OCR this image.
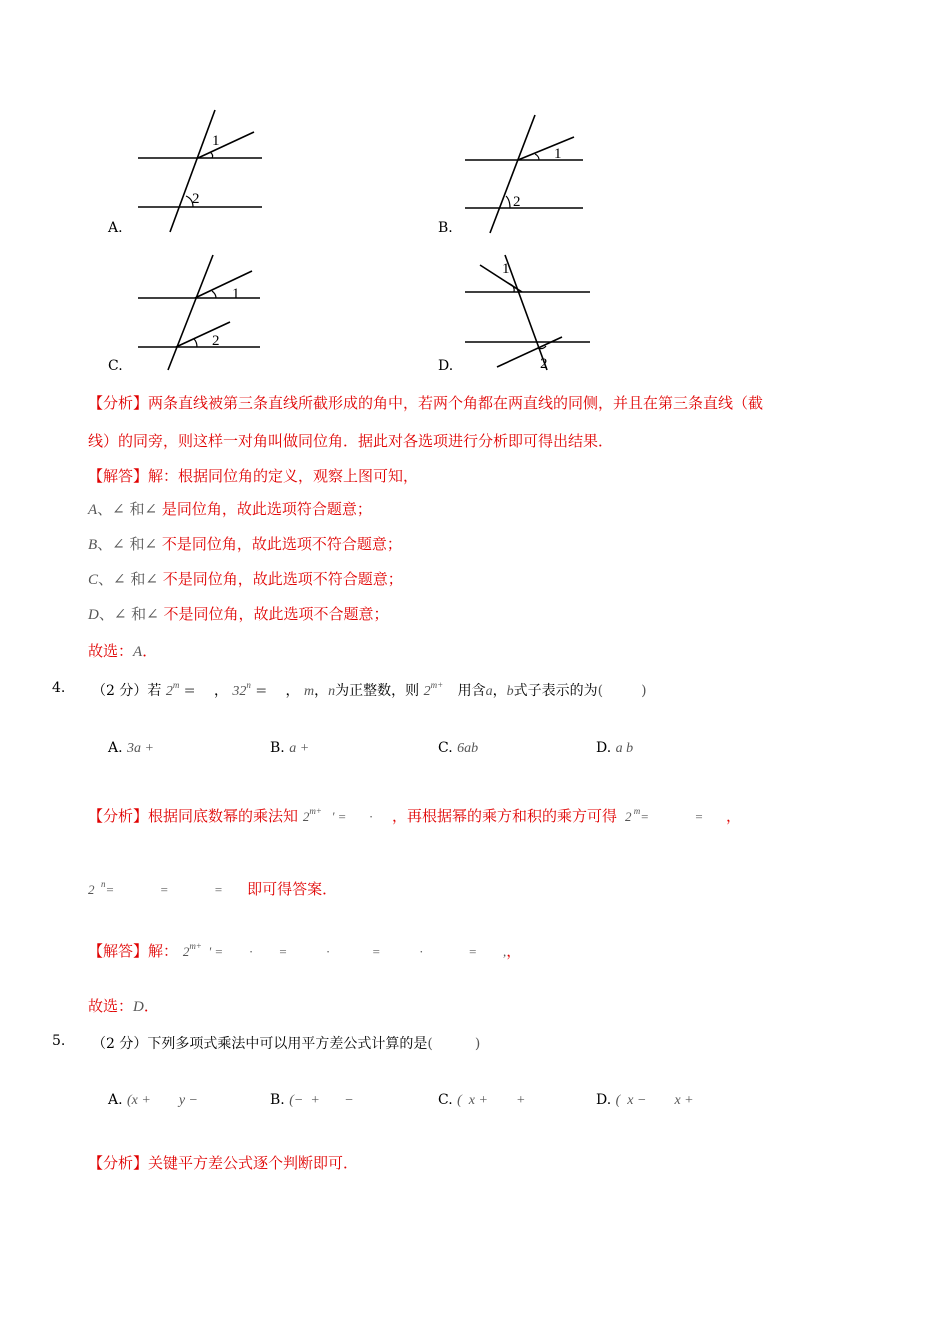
1
2
A.
1
2
B.
1
2
C.
1
2
D.
【分析】两条直线被第三条直线所截形成的角中，若两个角都在两直线的同侧，并且在第三条直线（截
线）的同旁，则这样一对角叫做同位角．据此对各选项进行分析即可得出结果．
【解答】解：根据同位角的定义，观察上图可知，
A、∠ 和∠ 是同位角，故此选项符合题意；
B、∠ 和∠ 不是同位角，故此选项不符合题意；
C、∠ 和∠ 不是同位角，故此选项不符合题意；
D、∠ 和∠ 不是同位角，故此选项不合题意；
故选：A．
4. （2 分）若 $2^m$ = ， $32^n$ = ， m，n为正整数，则 $2^{m+}$ 用含a，b式子表示的为(	)
A. 3a +	B. a +	C. 6ab	D. a b
【分析】根据同底数幂的乘法知 $2^{m+}$   ' =       ·      ，再根据幂的乘方和积的乘方可得  2 $^m$=              =       ，
2  $^n$=              =              =       即可得答案．
【解答】解： $2^{m+}$  ' =        ·        =            ·             =            ·              =        ,，
故选：D．
5. （2 分）下列多项式乘法中可以用平方差公式计算的是(	)
A. (x +        y −	B. (−  +       −	C. (  x +        +	D. (  x −        x +
【分析】关键平方差公式逐个判断即可．
